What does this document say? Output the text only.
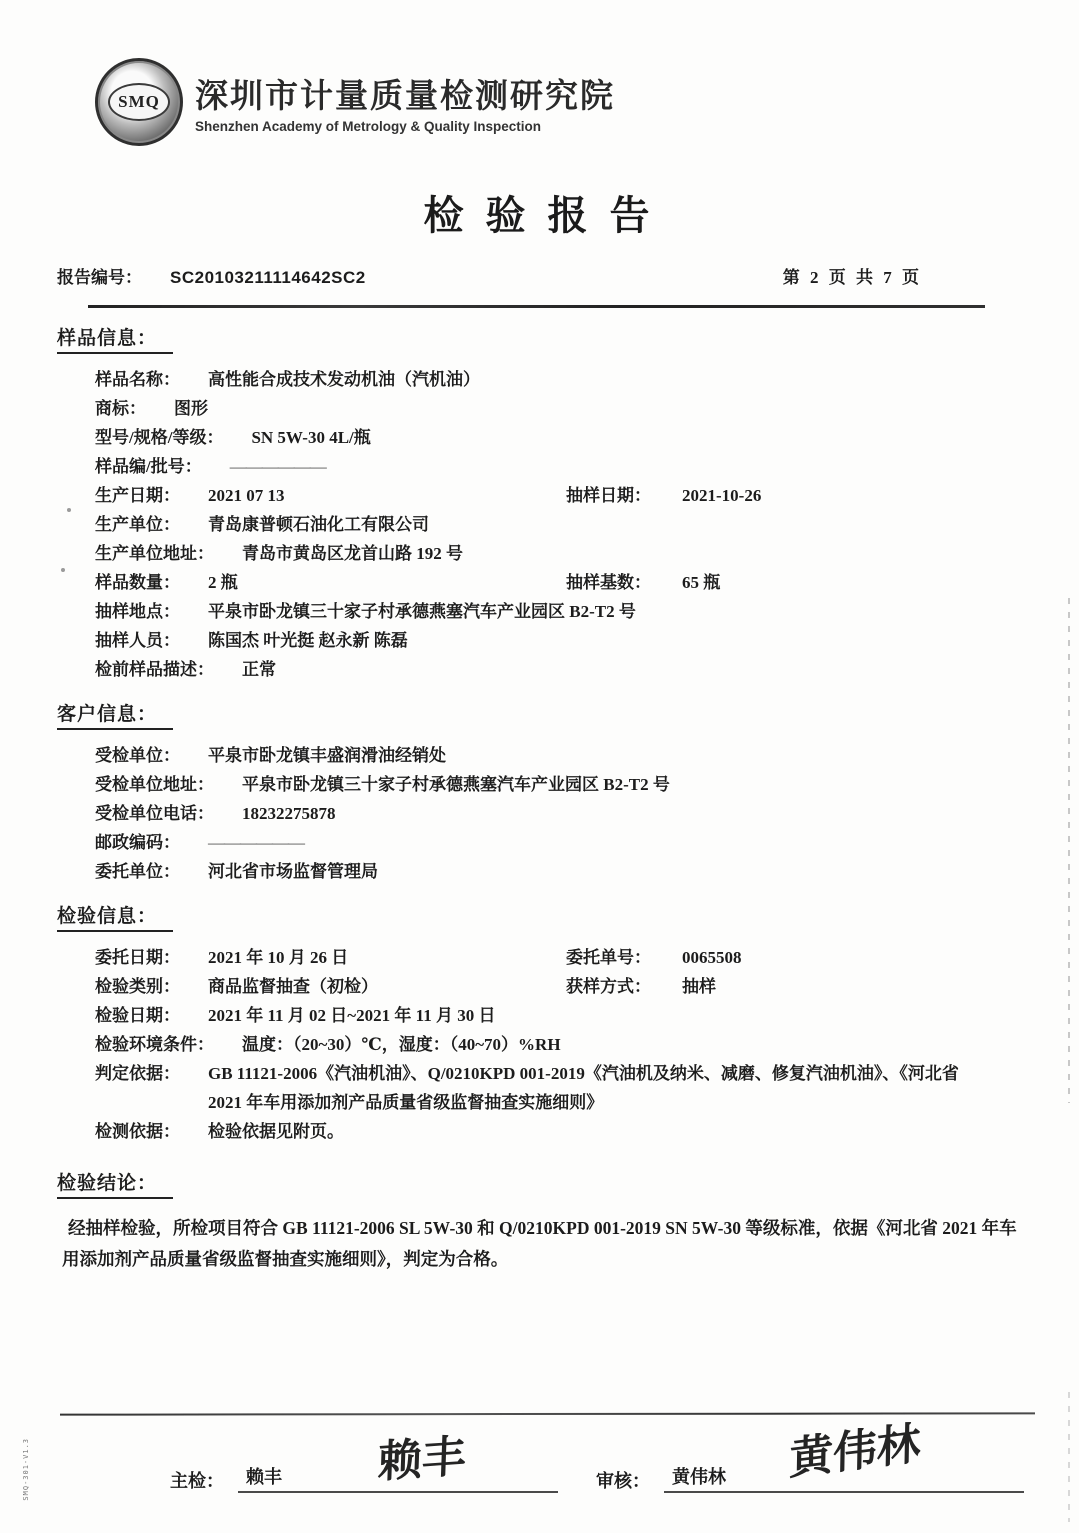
SMQ	深圳市计量质量检测研究院
Shenzhen Academy of Metrology & Quality Inspection
检 验 报 告
报告编号： SC20103211114642SC2	第 2 页 共 7 页
样品信息：
样品名称： 高性能合成技术发动机油（汽机油）
商标： 图形
型号/规格/等级： SN 5W-30 4L/瓶
样品编/批号： ——————
生产日期： 2021 07 13	抽样日期： 2021-10-26
生产单位： 青岛康普顿石油化工有限公司
生产单位地址： 青岛市黄岛区龙首山路 192 号
样品数量： 2 瓶	抽样基数： 65 瓶
抽样地点： 平泉市卧龙镇三十家子村承德燕塞汽车产业园区 B2-T2 号
抽样人员： 陈国杰 叶光挺 赵永新 陈磊
检前样品描述： 正常
客户信息：
受检单位： 平泉市卧龙镇丰盛润滑油经销处
受检单位地址： 平泉市卧龙镇三十家子村承德燕塞汽车产业园区 B2-T2 号
受检单位电话： 18232275878
邮政编码： ——————
委托单位： 河北省市场监督管理局
检验信息：
委托日期： 2021 年 10 月 26 日	委托单号： 0065508
检验类别： 商品监督抽查（初检）	获样方式： 抽样
检验日期： 2021 年 11 月 02 日~2021 年 11 月 30 日
检验环境条件： 温度：（20~30）℃，湿度：（40~70）%RH
判定依据： GB 11121-2006《汽油机油》、Q/0210KPD 001-2019《汽油机及纳米、减磨、修复汽油机油》、《河北省 2021 年车用添加剂产品质量省级监督抽查实施细则》
检测依据： 检验依据见附页。
检验结论：
经抽样检验，所检项目符合 GB 11121-2006 SL 5W-30 和 Q/0210KPD 001-2019 SN 5W-30 等级标准，依据《河北省 2021 年车用添加剂产品质量省级监督抽查实施细则》，判定为合格。
主检： 赖丰 赖丰	审核： 黄伟林 黄伟林
SMQ-301-V1.3
